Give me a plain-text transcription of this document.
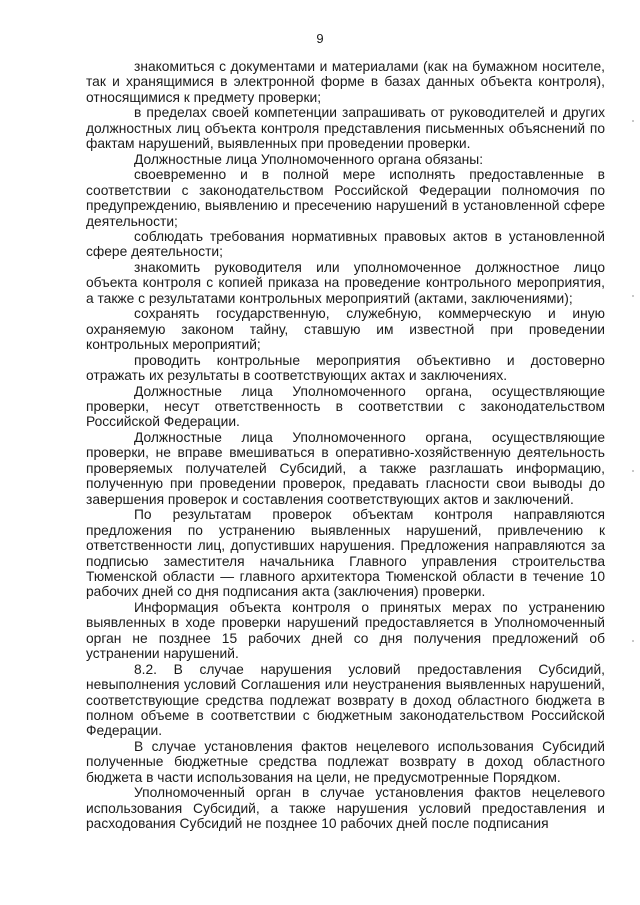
9

знакомиться с документами и материалами (как на бумажном носителе, так и хранящимися в электронной форме в базах данных объекта контроля), относящимися к предмету проверки;

в пределах своей компетенции запрашивать от руководителей и других должностных лиц объекта контроля представления письменных объяснений по фактам нарушений, выявленных при проведении проверки.

Должностные лица Уполномоченного органа обязаны:

своевременно и в полной мере исполнять предоставленные в соответствии с законодательством Российской Федерации полномочия по предупреждению, выявлению и пресечению нарушений в установленной сфере деятельности;

соблюдать требования нормативных правовых актов в установленной сфере деятельности;

знакомить руководителя или уполномоченное должностное лицо объекта контроля с копией приказа на проведение контрольного мероприятия, а также с результатами контрольных мероприятий (актами, заключениями);

сохранять государственную, служебную, коммерческую и иную охраняемую законом тайну, ставшую им известной при проведении контрольных мероприятий;

проводить контрольные мероприятия объективно и достоверно отражать их результаты в соответствующих актах и заключениях.

Должностные лица Уполномоченного органа, осуществляющие проверки, несут ответственность в соответствии с законодательством Российской Федерации.

Должностные лица Уполномоченного органа, осуществляющие проверки, не вправе вмешиваться в оперативно-хозяйственную деятельность проверяемых получателей Субсидий, а также разглашать информацию, полученную при проведении проверок, предавать гласности свои выводы до завершения проверок и составления соответствующих актов и заключений.

По результатам проверок объектам контроля направляются предложения по устранению выявленных нарушений, привлечению к ответственности лиц, допустивших нарушения. Предложения направляются за подписью заместителя начальника Главного управления строительства Тюменской области — главного архитектора Тюменской области в течение 10 рабочих дней со дня подписания акта (заключения) проверки.

Информация объекта контроля о принятых мерах по устранению выявленных в ходе проверки нарушений предоставляется в Уполномоченный орган не позднее 15 рабочих дней со дня получения предложений об устранении нарушений.

8.2. В случае нарушения условий предоставления Субсидий, невыполнения условий Соглашения или неустранения выявленных нарушений, соответствующие средства подлежат возврату в доход областного бюджета в полном объеме в соответствии с бюджетным законодательством Российской Федерации.

В случае установления фактов нецелевого использования Субсидий полученные бюджетные средства подлежат возврату в доход областного бюджета в части использования на цели, не предусмотренные Порядком.

Уполномоченный орган в случае установления фактов нецелевого использования Субсидий, а также нарушения условий предоставления и расходования Субсидий не позднее 10 рабочих дней после подписания
